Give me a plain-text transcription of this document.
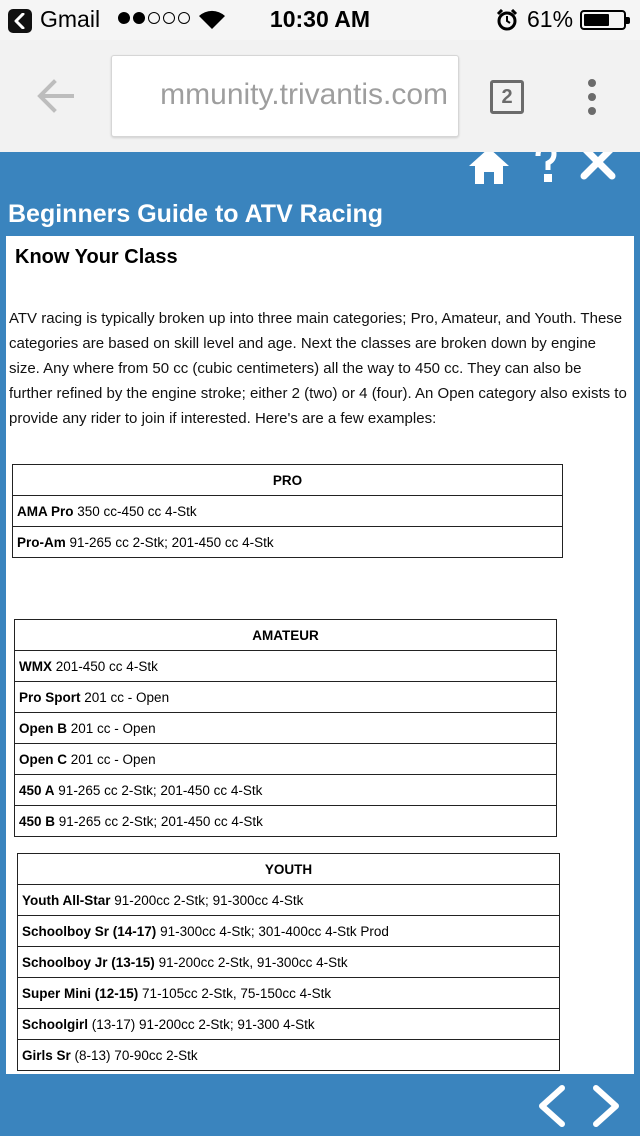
Gmail	10:30 AM	61%
mmunity.trivantis.com	2
Beginners Guide to ATV Racing
Know Your Class

ATV racing is typically broken up into three main categories; Pro, Amateur, and Youth. These categories are based on skill level and age. Next the classes are broken down by engine size. Any where from 50 cc (cubic centimeters) all the way to 450 cc. They can also be further refined by the engine stroke; either 2 (two) or 4 (four). An Open category also exists to provide any rider to join if interested. Here's are a few examples:

PRO
AMA Pro 350 cc-450 cc 4-Stk
Pro-Am 91-265 cc 2-Stk; 201-450 cc 4-Stk
AMATEUR
WMX 201-450 cc 4-Stk
Pro Sport 201 cc - Open
Open B 201 cc - Open
Open C 201 cc - Open
450 A 91-265 cc 2-Stk; 201-450 cc 4-Stk
450 B 91-265 cc 2-Stk; 201-450 cc 4-Stk
YOUTH
Youth All-Star 91-200cc 2-Stk; 91-300cc 4-Stk
Schoolboy Sr (14-17) 91-300cc 4-Stk; 301-400cc 4-Stk Prod
Schoolboy Jr (13-15) 91-200cc 2-Stk, 91-300cc 4-Stk
Super Mini (12-15) 71-105cc 2-Stk, 75-150cc 4-Stk
Schoolgirl (13-17) 91-200cc 2-Stk; 91-300 4-Stk
Girls Sr (8-13) 70-90cc 2-Stk
